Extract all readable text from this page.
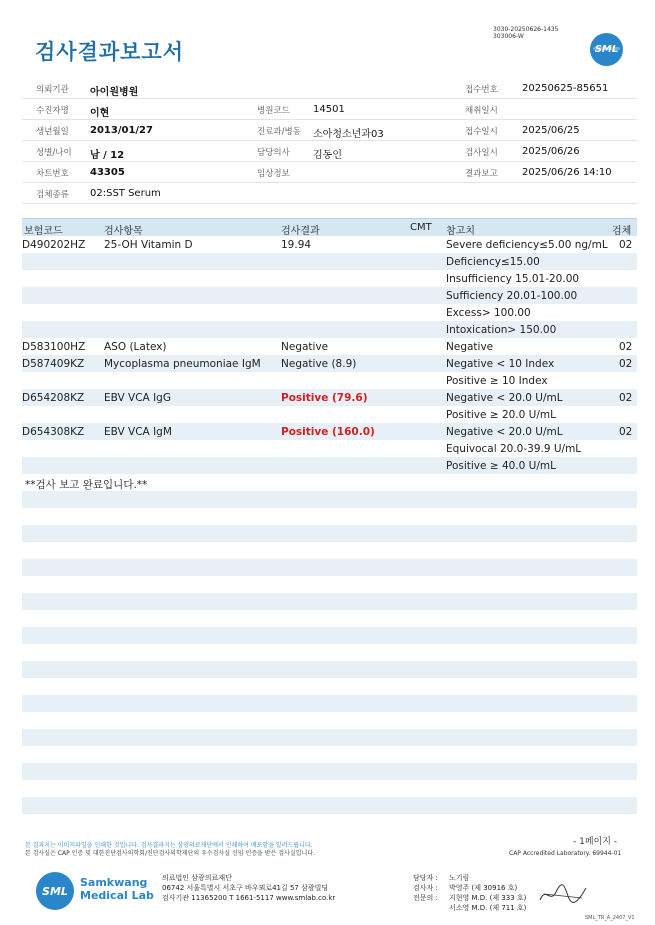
검사결과보고서
3030-20250626-1435
303006-W
SML
의뢰기관 아이원병원	접수번호 20250625-85651
수진자명 이현	병원코드 14501	채취일시
생년월일 2013/01/27	진료과/병동 소아청소년과03	접수일시 2025/06/25
성별/나이 남 / 12	담당의사 김동인	검사일시 2025/06/26
차트번호 43305	임상정보	결과보고 2025/06/26 14:10
검체종류 02:SST Serum
보험코드	검사항목	검사결과	CMT 참고치	검체
D490202HZ 25-OH Vitamin D	19.94	Severe deficiency≤5.00 ng/mL 02
Deficiency≤15.00
Insufficiency 15.01-20.00
Sufficiency 20.01-100.00
Excess> 100.00
Intoxication> 150.00
D583100HZ ASO (Latex)	Negative	Negative	02
D587409KZ Mycoplasma pneumoniae IgM Negative (8.9)	Negative < 10 Index	02
Positive ≥ 10 Index
D654208KZ EBV VCA IgG	Positive (79.6)	Negative < 20.0 U/mL	02
Positive ≥ 20.0 U/mL
D654308KZ EBV VCA IgM	Positive (160.0)	Negative < 20.0 U/mL	02
Equivocal 20.0-39.9 U/mL
Positive ≥ 40.0 U/mL
**검사 보고 완료입니다.**
- 1페이지 -
본 결과지는 이미지파일을 인쇄한 것입니다. 검사결과지는 삼광의료재단에서 인쇄하여 배포함을 알려드립니다.
본 검사실은 CAP 인증 및 대한진단검사의학회/진단검사의학재단의 우수검사실 신임 인증을 받은 검사실입니다.	CAP Accredited Laboratory. 69944-01
SML
Samkwang
Medical Lab
의료법인 삼광의료재단
06742 서울특별시 서초구 바우뫼로41길 57 삼광빌딩
검사기관 11365200 T 1661-5117 www.smlab.co.kr
담당자 : 노기림
검사자 : 박영주 (제 30916 호)
전문의 : 지현영 M.D. (제 333 호)
서소영 M.D. (제 711 호)
SML_TR_A_2407_V1
